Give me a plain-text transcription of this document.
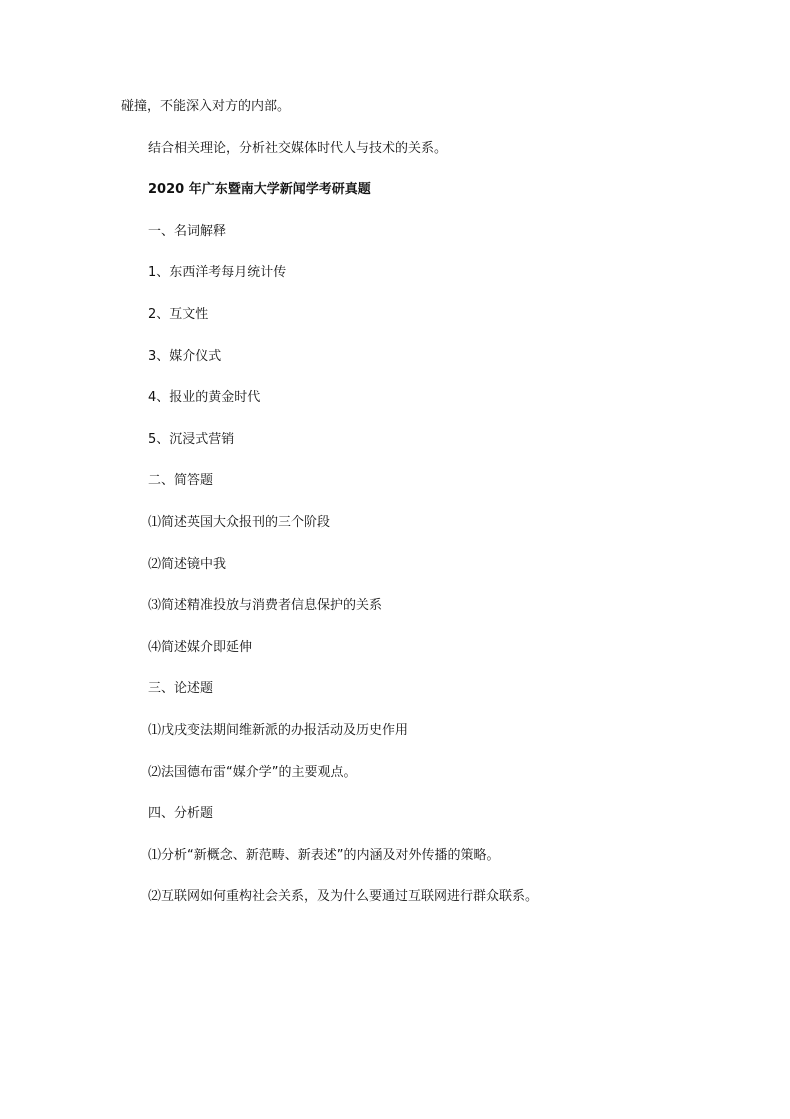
碰撞，不能深入对方的内部。
结合相关理论，分析社交媒体时代人与技术的关系。
2020 年广东暨南大学新闻学考研真题
一、名词解释
1、东西洋考每月统计传
2、互文性
3、媒介仪式
4、报业的黄金时代
5、沉浸式营销
二、简答题
⑴简述英国大众报刊的三个阶段
⑵简述镜中我
⑶简述精准投放与消费者信息保护的关系
⑷简述媒介即延伸
三、论述题
⑴戊戌变法期间维新派的办报活动及历史作用
⑵法国德布雷“媒介学”的主要观点。
四、分析题
⑴分析“新概念、新范畴、新表述”的内涵及对外传播的策略。
⑵互联网如何重构社会关系，及为什么要通过互联网进行群众联系。
